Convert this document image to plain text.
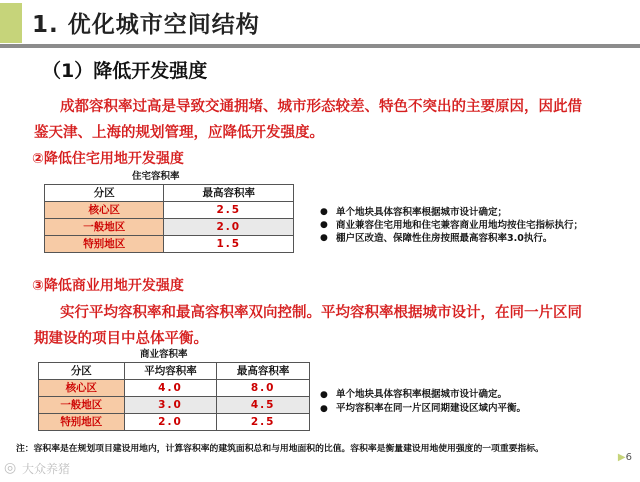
1. 优化城市空间结构
（1）降低开发强度
成都容积率过高是导致交通拥堵、城市形态较差、特色不突出的主要原因，因此借
鉴天津、上海的规划管理，应降低开发强度。
②降低住宅用地开发强度
住宅容积率
分区	最高容积率
核心区	2.5
一般地区	2.0
特别地区	1.5
● 单个地块具体容积率根据城市设计确定；
● 商业兼容住宅用地和住宅兼容商业用地均按住宅指标执行；
● 棚户区改造、保障性住房按照最高容积率3.0执行。
③降低商业用地开发强度
实行平均容积率和最高容积率双向控制。平均容积率根据城市设计，在同一片区同
期建设的项目中总体平衡。
商业容积率
分区	平均容积率	最高容积率
核心区	4.0	8.0
一般地区	3.0	4.5
特别地区	2.0	2.5
● 单个地块具体容积率根据城市设计确定。
● 平均容积率在同一片区同期建设区域内平衡。
注：容积率是在规划项目建设用地内，计算容积率的建筑面积总和与用地面积的比值。容积率是衡量建设用地使用强度的一项重要指标。
◎ 大众养猪
▶6
